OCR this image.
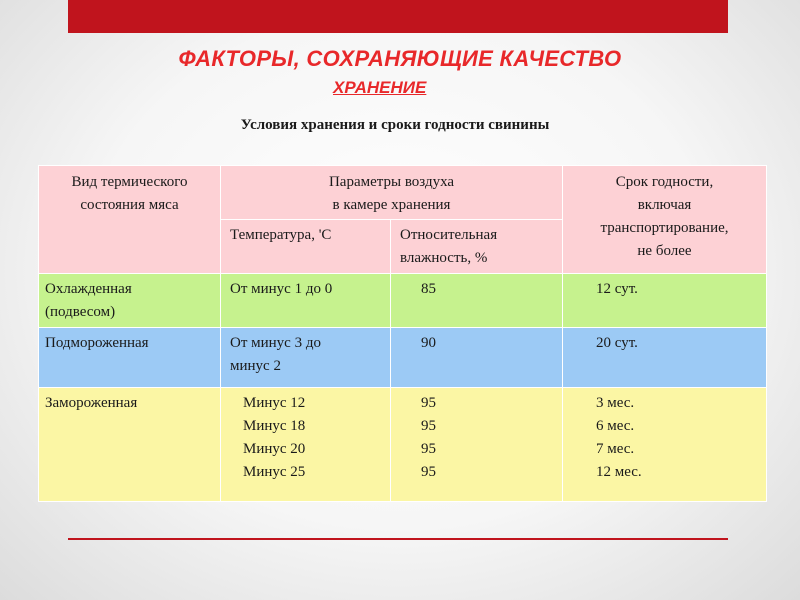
ФАКТОРЫ, СОХРАНЯЮЩИЕ КАЧЕСТВО
ХРАНЕНИЕ
Условия хранения и сроки годности свинины
Вид термического
состояния мяса	Параметры воздуха
в камере хранения		Срок годности,
включая
транспортирование,
не более

	Температура, 'С	Относительная
влажность, %	

Охлажденная
(подвесом)	От минус 1 до 0	85	12 сут.

Подмороженная	От минус 3 до
минус 2	90	20 сут.

Замороженная	Минус 12
Минус 18
Минус 20
Минус 25	95
95
95
95	3 мес.
6 мес.
7 мес.
12 мес.
